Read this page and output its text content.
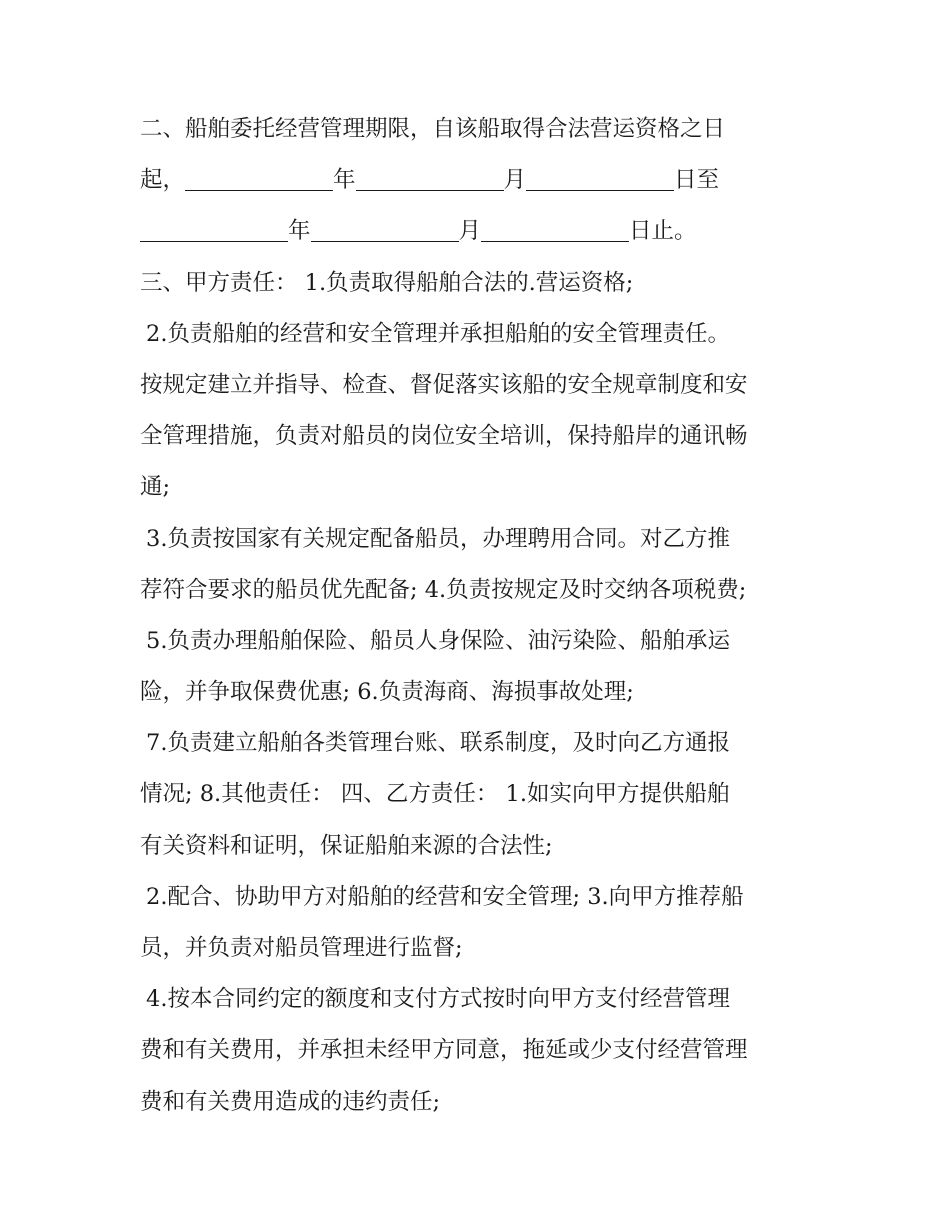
二、船舶委托经营管理期限，自该船取得合法营运资格之日
起，	年	月	日至
年	月	日止。
三、甲方责任： 1.负责取得船舶合法的.营运资格;
2.负责船舶的经营和安全管理并承担船舶的安全管理责任。
按规定建立并指导、检查、督促落实该船的安全规章制度和安
全管理措施，负责对船员的岗位安全培训，保持船岸的通讯畅
通;
3.负责按国家有关规定配备船员，办理聘用合同。对乙方推
荐符合要求的船员优先配备; 4.负责按规定及时交纳各项税费;
5.负责办理船舶保险、船员人身保险、油污染险、船舶承运
险，并争取保费优惠; 6.负责海商、海损事故处理;
7.负责建立船舶各类管理台账、联系制度，及时向乙方通报
情况; 8.其他责任： 四、乙方责任： 1.如实向甲方提供船舶
有关资料和证明，保证船舶来源的合法性;
2.配合、协助甲方对船舶的经营和安全管理; 3.向甲方推荐船
员，并负责对船员管理进行监督;
4.按本合同约定的额度和支付方式按时向甲方支付经营管理
费和有关费用，并承担未经甲方同意，拖延或少支付经营管理
费和有关费用造成的违约责任;
